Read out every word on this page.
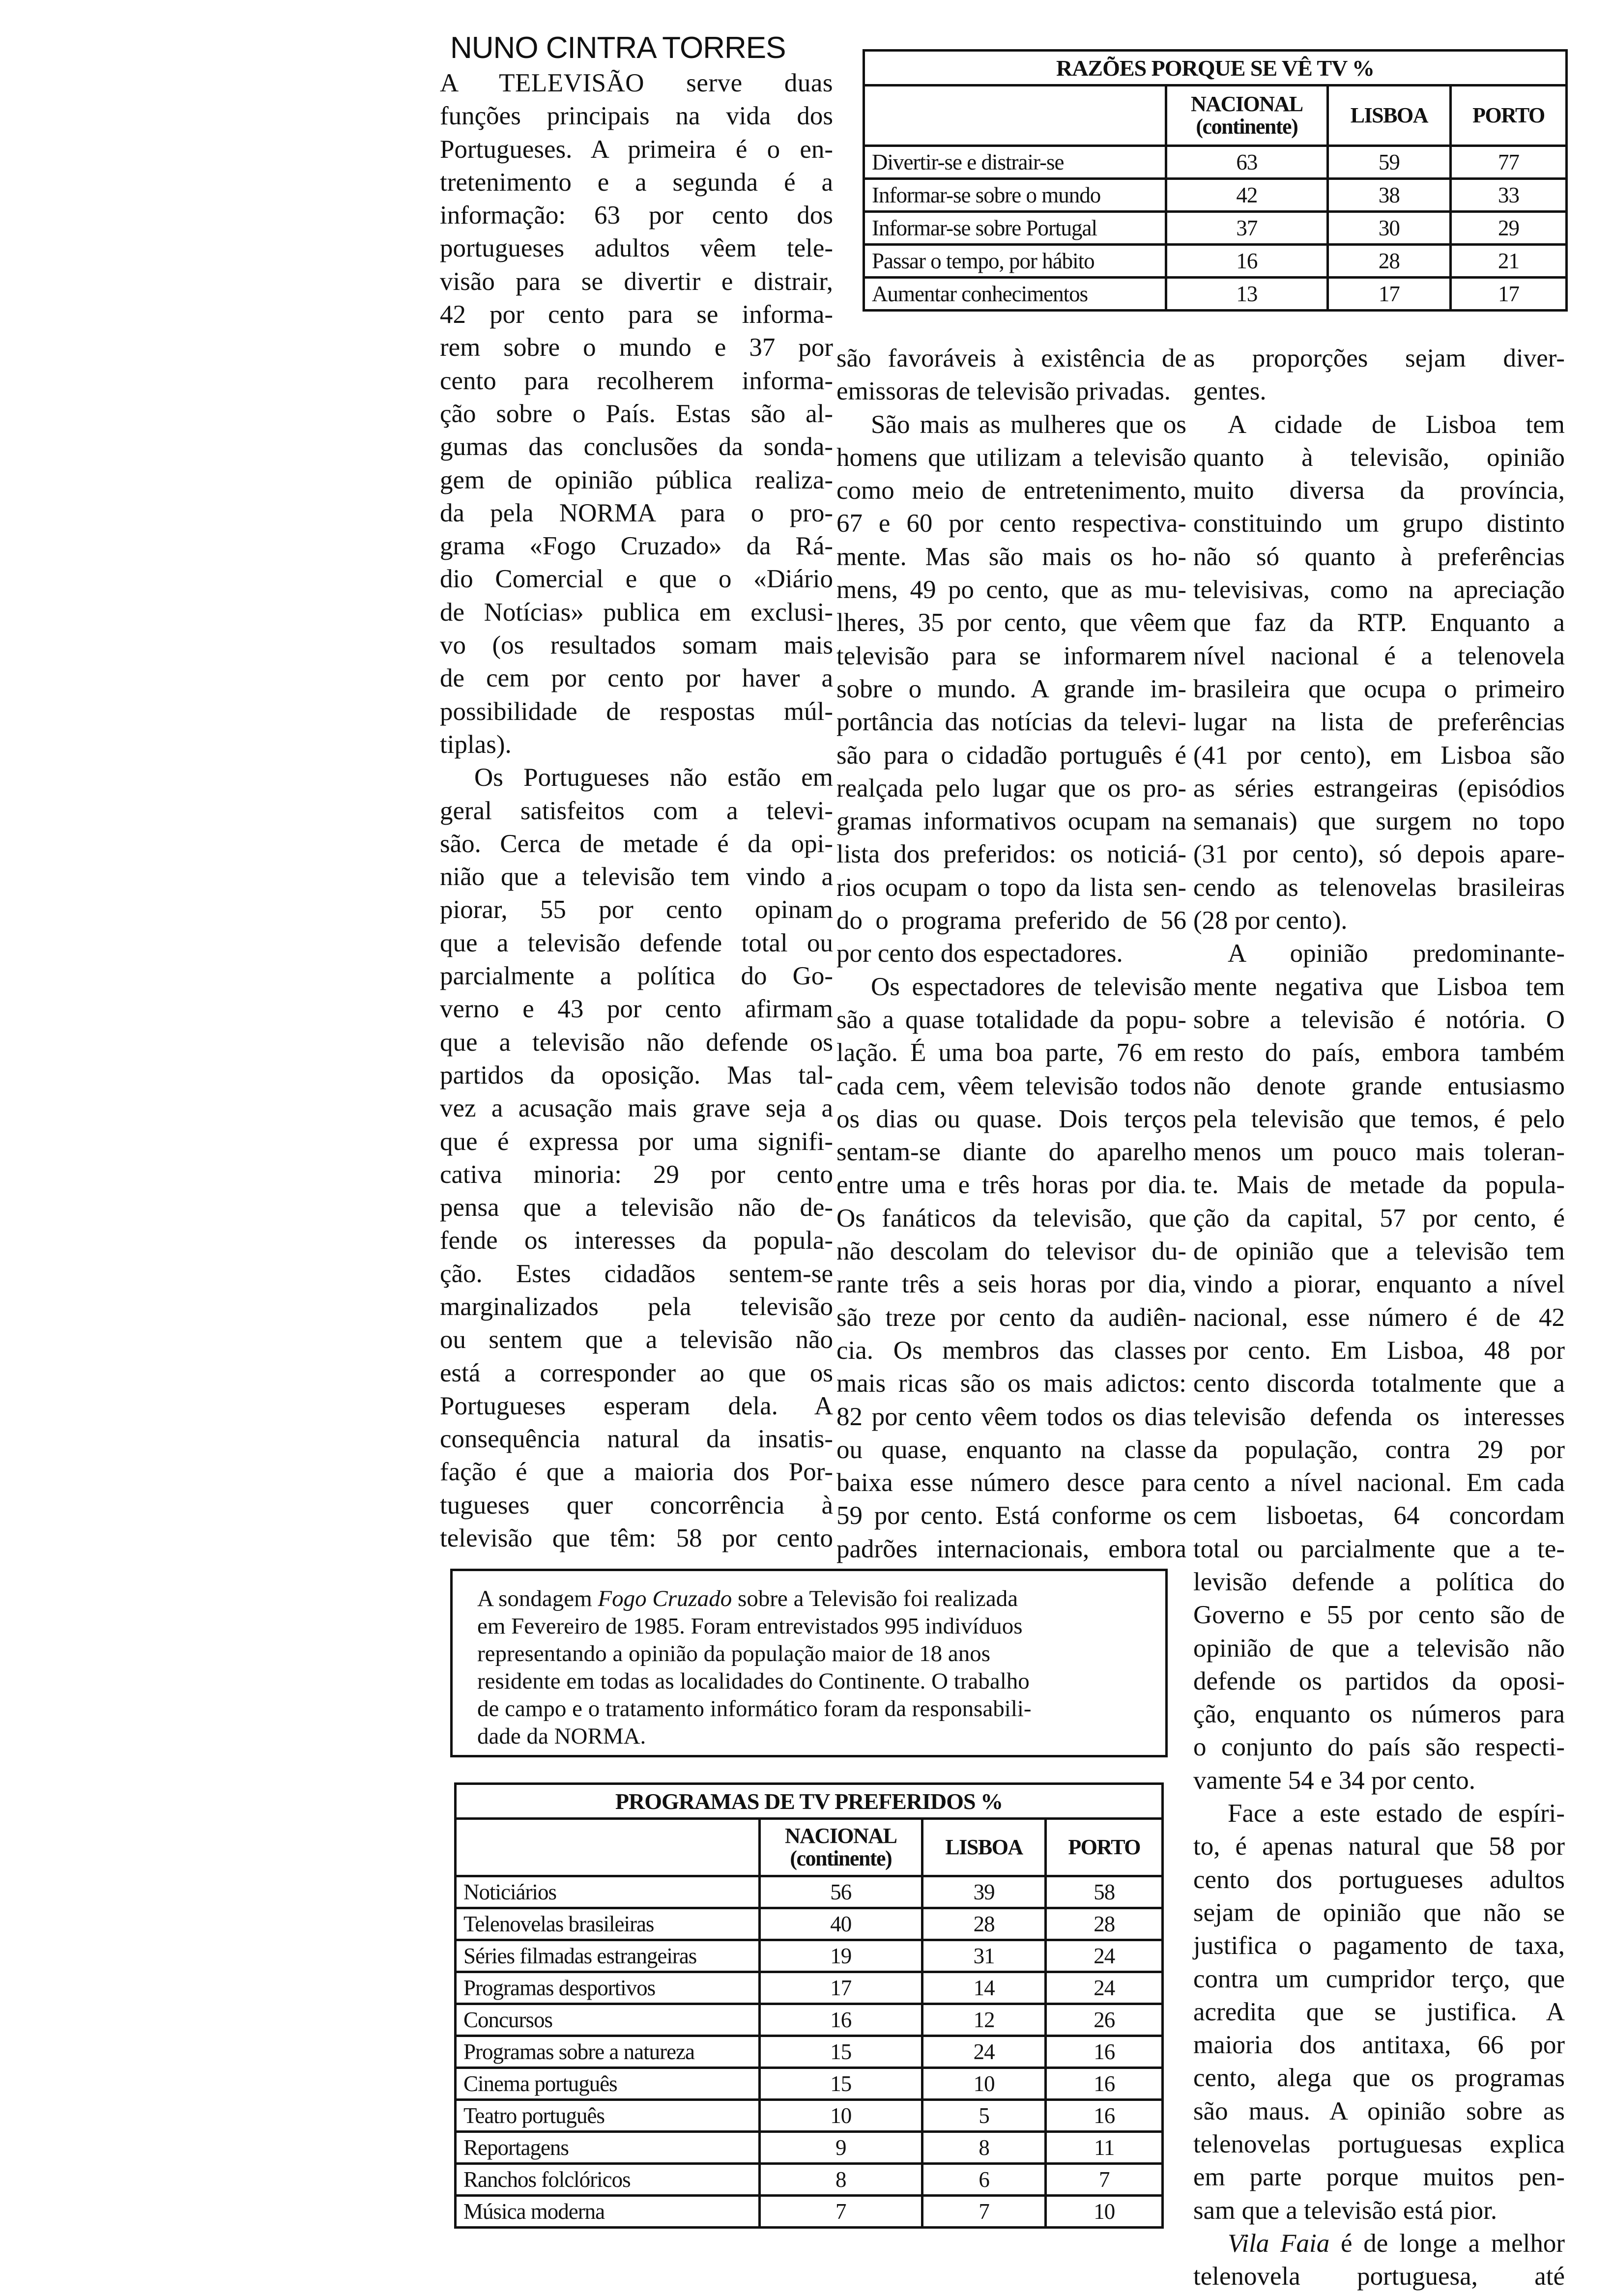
NUNO CINTRA TORRES
A TELEVISÃO serve duas
funções principais na vida dos
Portugueses. A primeira é o en-
tretenimento e a segunda é a
informação: 63 por cento dos
portugueses adultos vêem tele-
visão para se divertir e distrair,
42 por cento para se informa-
rem sobre o mundo e 37 por
cento para recolherem informa-
ção sobre o País. Estas são al-
gumas das conclusões da sonda-
gem de opinião pública realiza-
da pela NORMA para o pro-
grama «Fogo Cruzado» da Rá-
dio Comercial e que o «Diário
de Notícias» publica em exclusi-
vo (os resultados somam mais
de cem por cento por haver a
possibilidade de respostas múl-
tiplas).
Os Portugueses não estão em
geral satisfeitos com a televi-
são. Cerca de metade é da opi-
nião que a televisão tem vindo a
piorar, 55 por cento opinam
que a televisão defende total ou
parcialmente a política do Go-
verno e 43 por cento afirmam
que a televisão não defende os
partidos da oposição. Mas tal-
vez a acusação mais grave seja a
que é expressa por uma signifi-
cativa minoria: 29 por cento
pensa que a televisão não de-
fende os interesses da popula-
ção. Estes cidadãos sentem-se
marginalizados pela televisão
ou sentem que a televisão não
está a corresponder ao que os
Portugueses esperam dela. A
consequência natural da insatis-
fação é que a maioria dos Por-
tugueses quer concorrência à
televisão que têm: 58 por cento
são favoráveis à existência de
emissoras de televisão privadas.
São mais as mulheres que os
homens que utilizam a televisão
como meio de entretenimento,
67 e 60 por cento respectiva-
mente. Mas são mais os ho-
mens, 49 po cento, que as mu-
lheres, 35 por cento, que vêem
televisão para se informarem
sobre o mundo. A grande im-
portância das notícias da televi-
são para o cidadão português é
realçada pelo lugar que os pro-
gramas informativos ocupam na
lista dos preferidos: os noticiá-
rios ocupam o topo da lista sen-
do o programa preferido de 56
por cento dos espectadores.
Os espectadores de televisão
são a quase totalidade da popu-
lação. É uma boa parte, 76 em
cada cem, vêem televisão todos
os dias ou quase. Dois terços
sentam-se diante do aparelho
entre uma e três horas por dia.
Os fanáticos da televisão, que
não descolam do televisor du-
rante três a seis horas por dia,
são treze por cento da audiên-
cia. Os membros das classes
mais ricas são os mais adictos:
82 por cento vêem todos os dias
ou quase, enquanto na classe
baixa esse número desce para
59 por cento. Está conforme os
padrões internacionais, embora
as proporções sejam diver-
gentes.
A cidade de Lisboa tem
quanto à televisão, opinião
muito diversa da província,
constituindo um grupo distinto
não só quanto à preferências
televisivas, como na apreciação
que faz da RTP. Enquanto a
nível nacional é a telenovela
brasileira que ocupa o primeiro
lugar na lista de preferências
(41 por cento), em Lisboa são
as séries estrangeiras (episódios
semanais) que surgem no topo
(31 por cento), só depois apare-
cendo as telenovelas brasileiras
(28 por cento).
A opinião predominante-
mente negativa que Lisboa tem
sobre a televisão é notória. O
resto do país, embora também
não denote grande entusiasmo
pela televisão que temos, é pelo
menos um pouco mais toleran-
te. Mais de metade da popula-
ção da capital, 57 por cento, é
de opinião que a televisão tem
vindo a piorar, enquanto a nível
nacional, esse número é de 42
por cento. Em Lisboa, 48 por
cento discorda totalmente que a
televisão defenda os interesses
da população, contra 29 por
cento a nível nacional. Em cada
cem lisboetas, 64 concordam
total ou parcialmente que a te-
levisão defende a política do
Governo e 55 por cento são de
opinião de que a televisão não
defende os partidos da oposi-
ção, enquanto os números para
o conjunto do país são respecti-
vamente 54 e 34 por cento.
Face a este estado de espíri-
to, é apenas natural que 58 por
cento dos portugueses adultos
sejam de opinião que não se
justifica o pagamento de taxa,
contra um cumpridor terço, que
acredita que se justifica. A
maioria dos antitaxa, 66 por
cento, alega que os programas
são maus. A opinião sobre as
telenovelas portuguesas explica
em parte porque muitos pen-
sam que a televisão está pior.
Vila Faia é de longe a melhor
telenovela portuguesa, até
RAZÕES PORQUE SE VÊ TV %			
	NACIONAL (continente)	LISBOA	PORTO
Divertir-se e distrair-se	63	59	77
Informar-se sobre o mundo	42	38	33
Informar-se sobre Portugal	37	30	29
Passar o tempo, por hábito	16	28	21
Aumentar conhecimentos	13	17	17
PROGRAMAS DE TV PREFERIDOS %			
	NACIONAL (continente)	LISBOA	PORTO
Noticiários	56	39	58
Telenovelas brasileiras	40	28	28
Séries filmadas estrangeiras	19	31	24
Programas desportivos	17	14	24
Concursos	16	12	26
Programas sobre a natureza	15	24	16
Cinema português	15	10	16
Teatro português	10	5	16
Reportagens	9	8	11
Ranchos folclóricos	8	6	7
Música moderna	7	7	10
A sondagem Fogo Cruzado sobre a Televisão foi realizada
em Fevereiro de 1985. Foram entrevistados 995 indivíduos
representando a opinião da população maior de 18 anos
residente em todas as localidades do Continente. O trabalho
de campo e o tratamento informático foram da responsabili-
dade da NORMA.
